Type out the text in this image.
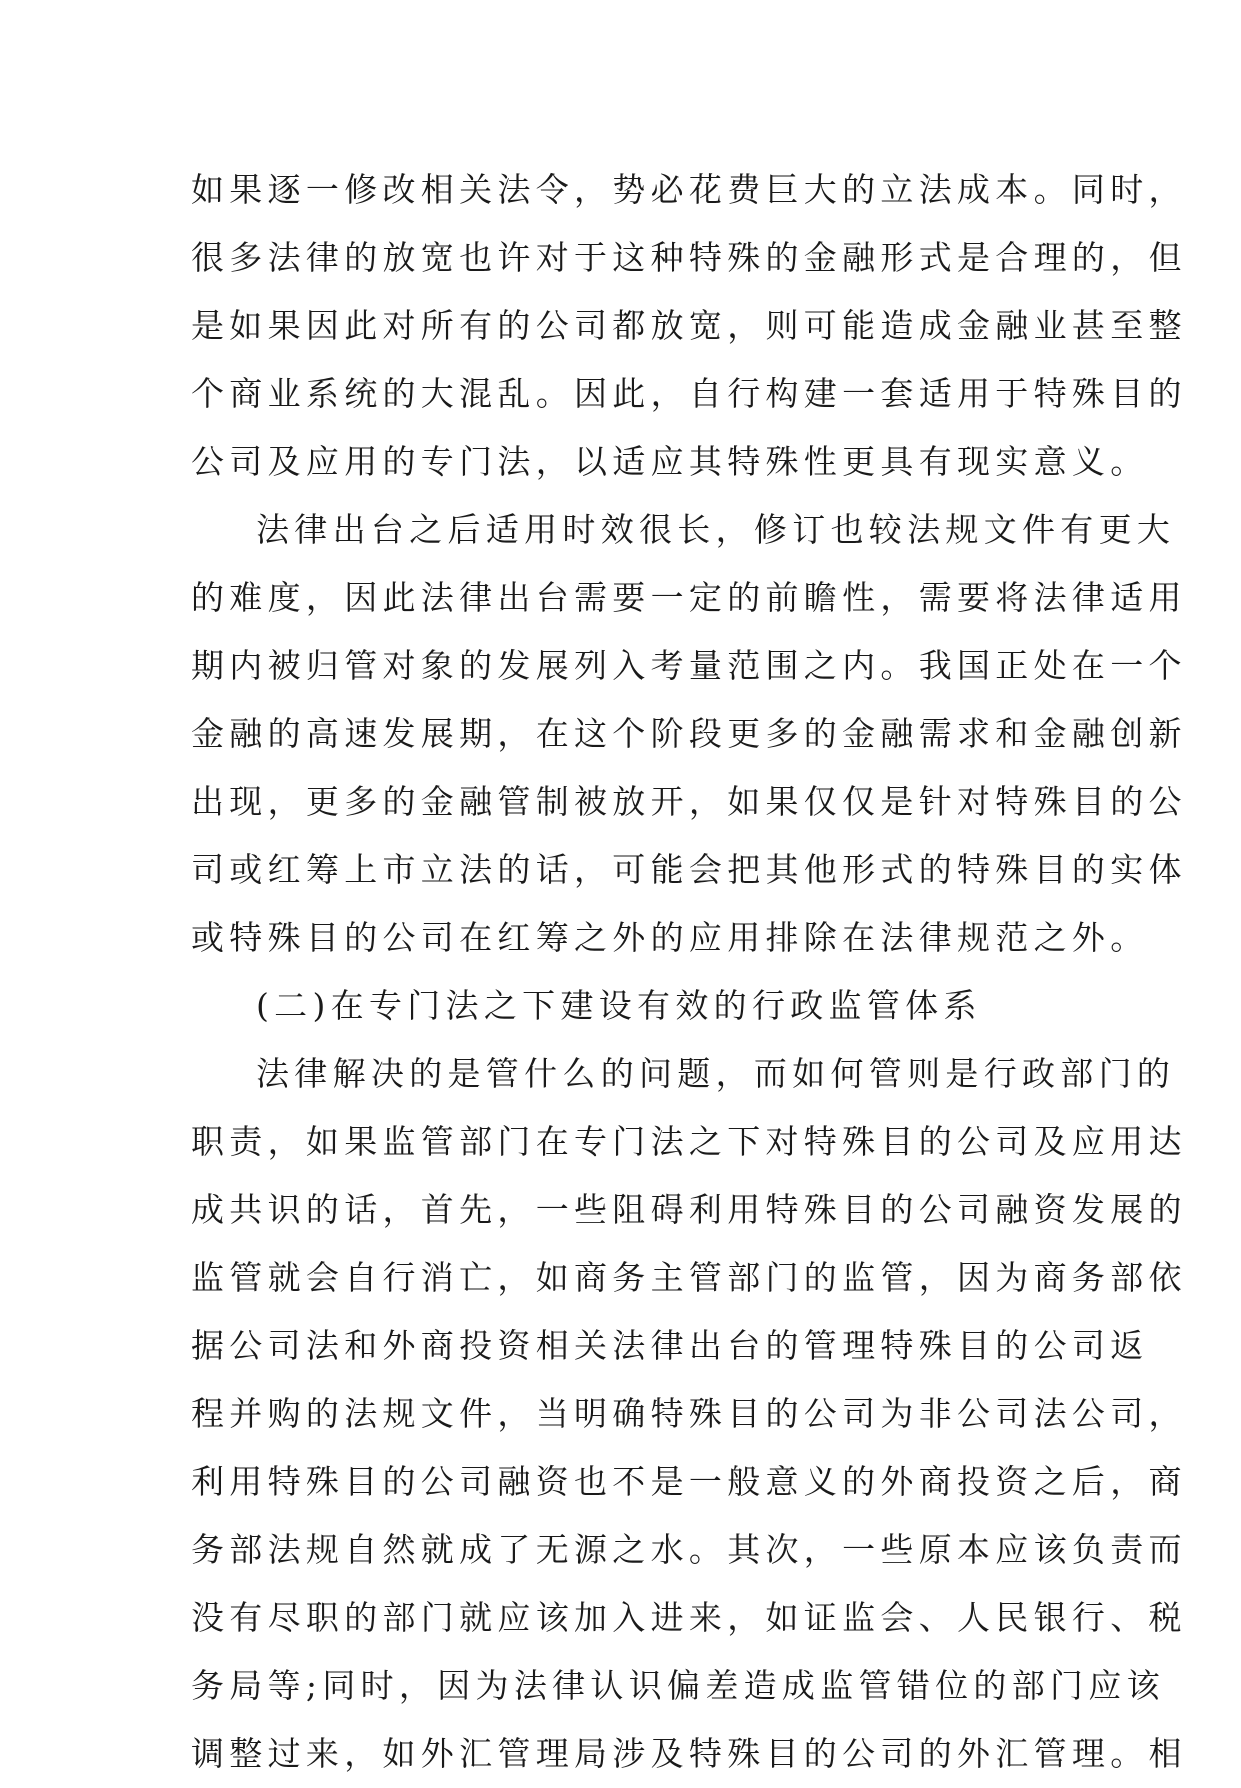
如果逐一修改相关法令，势必花费巨大的立法成本。同时，
很多法律的放宽也许对于这种特殊的金融形式是合理的，但
是如果因此对所有的公司都放宽，则可能造成金融业甚至整
个商业系统的大混乱。因此，自行构建一套适用于特殊目的
公司及应用的专门法，以适应其特殊性更具有现实意义。
法律出台之后适用时效很长，修订也较法规文件有更大
的难度，因此法律出台需要一定的前瞻性，需要将法律适用
期内被归管对象的发展列入考量范围之内。我国正处在一个
金融的高速发展期，在这个阶段更多的金融需求和金融创新
出现，更多的金融管制被放开，如果仅仅是针对特殊目的公
司或红筹上市立法的话，可能会把其他形式的特殊目的实体
或特殊目的公司在红筹之外的应用排除在法律规范之外。
(二)在专门法之下建设有效的行政监管体系
法律解决的是管什么的问题，而如何管则是行政部门的
职责，如果监管部门在专门法之下对特殊目的公司及应用达
成共识的话，首先，一些阻碍利用特殊目的公司融资发展的
监管就会自行消亡，如商务主管部门的监管，因为商务部依
据公司法和外商投资相关法律出台的管理特殊目的公司返
程并购的法规文件，当明确特殊目的公司为非公司法公司，
利用特殊目的公司融资也不是一般意义的外商投资之后，商
务部法规自然就成了无源之水。其次，一些原本应该负责而
没有尽职的部门就应该加入进来，如证监会、人民银行、税
务局等;同时，因为法律认识偏差造成监管错位的部门应该
调整过来，如外汇管理局涉及特殊目的公司的外汇管理。相
